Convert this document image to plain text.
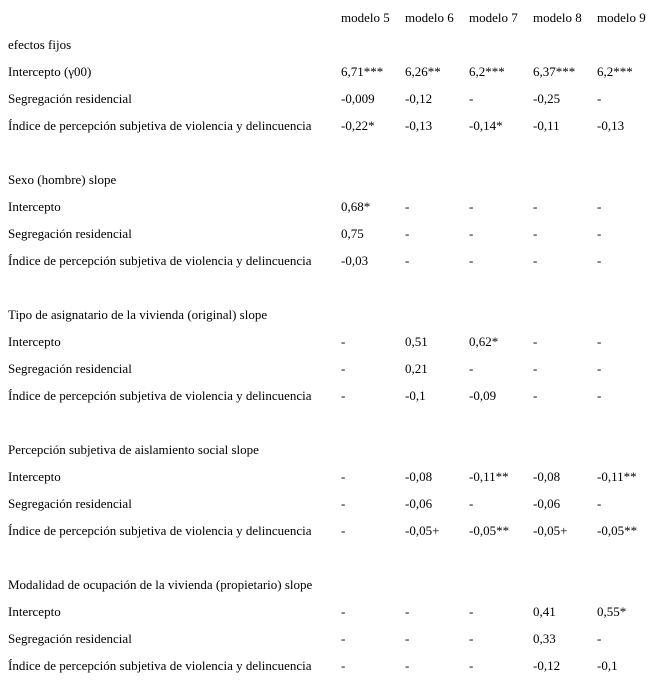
	modelo 5	modelo 6	modelo 7	modelo 8	modelo 9
efectos fijos					
Intercepto (γ00)	6,71***	6,26**	6,2***	6,37***	6,2***
Segregación residencial	-0,009	-0,12	-	-0,25	-
Índice de percepción subjetiva de violencia y delincuencia	-0,22*	-0,13	-0,14*	-0,11	-0,13

Sexo (hombre) slope					
Intercepto	0,68*	-	-	-	-
Segregación residencial	0,75	-	-	-	-
Índice de percepción subjetiva de violencia y delincuencia	-0,03	-	-	-	-

Tipo de asignatario de la vivienda (original) slope					
Intercepto	-	0,51	0,62*	-	-
Segregación residencial	-	0,21	-	-	-
Índice de percepción subjetiva de violencia y delincuencia	-	-0,1	-0,09	-	-

Percepción subjetiva de aislamiento social slope					
Intercepto	-	-0,08	-0,11**	-0,08	-0,11**
Segregación residencial	-	-0,06	-	-0,06	-
Índice de percepción subjetiva de violencia y delincuencia	-	-0,05+	-0,05**	-0,05+	-0,05**

Modalidad de ocupación de la vivienda (propietario) slope					
Intercepto	-	-	-	0,41	0,55*
Segregación residencial	-	-	-	0,33	-
Índice de percepción subjetiva de violencia y delincuencia	-	-	-	-0,12	-0,1
